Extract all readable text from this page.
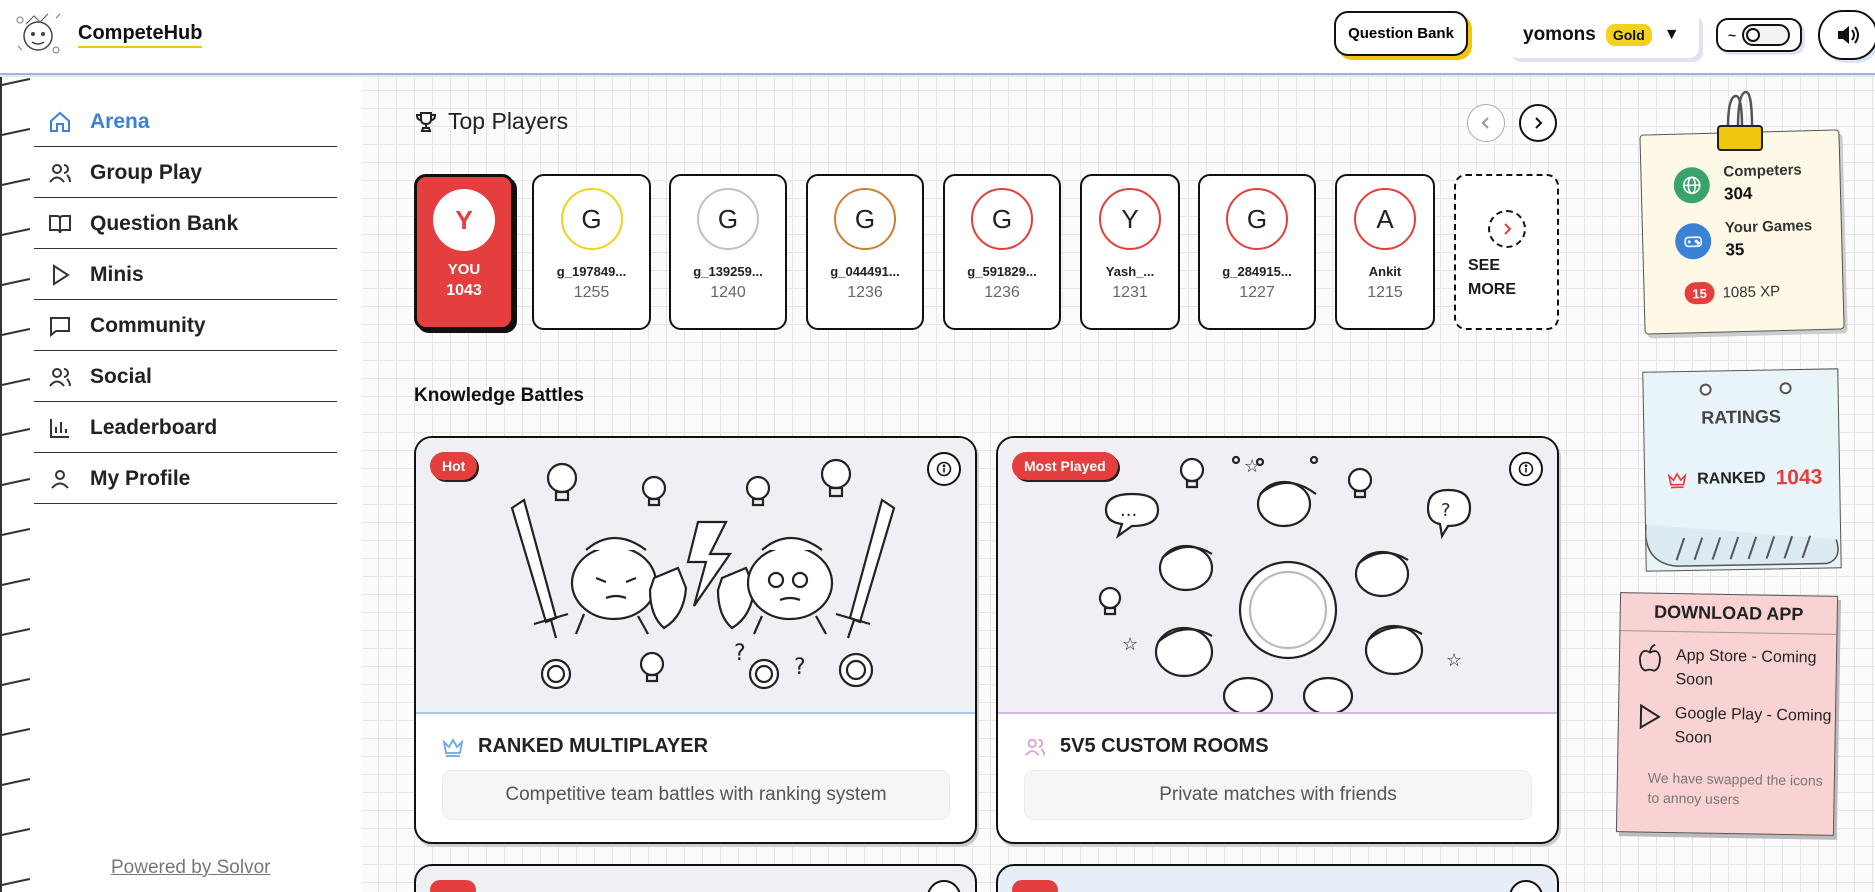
CompeteHub	Question Bank	yomons	Gold	▼	~
Arena
Group Play
Question Bank
Minis
Community
Social
Leaderboard
My Profile
Powered by Solvor
Top Players
Y
YOU
1043
G
g_197849...
1255
G
g_139259...
1240
G
g_044491...
1236
G
g_591829...
1236
Y
Yash_...
1231
G
g_284915...
1227
A
Ankit
1215
SEE
MORE
Knowledge Battles
?
?
Hot
RANKED MULTIPLAYER
Competitive team battles with ranking system
...	?
☆
☆
☆
Most Played
5V5 CUSTOM ROOMS
Private matches with friends
Competers
304
Your Games
35
15	1085 XP
RATINGS
RANKED 1043
DOWNLOAD APP
App Store - Coming Soon
Google Play - Coming Soon
We have swapped the icons to annoy users
